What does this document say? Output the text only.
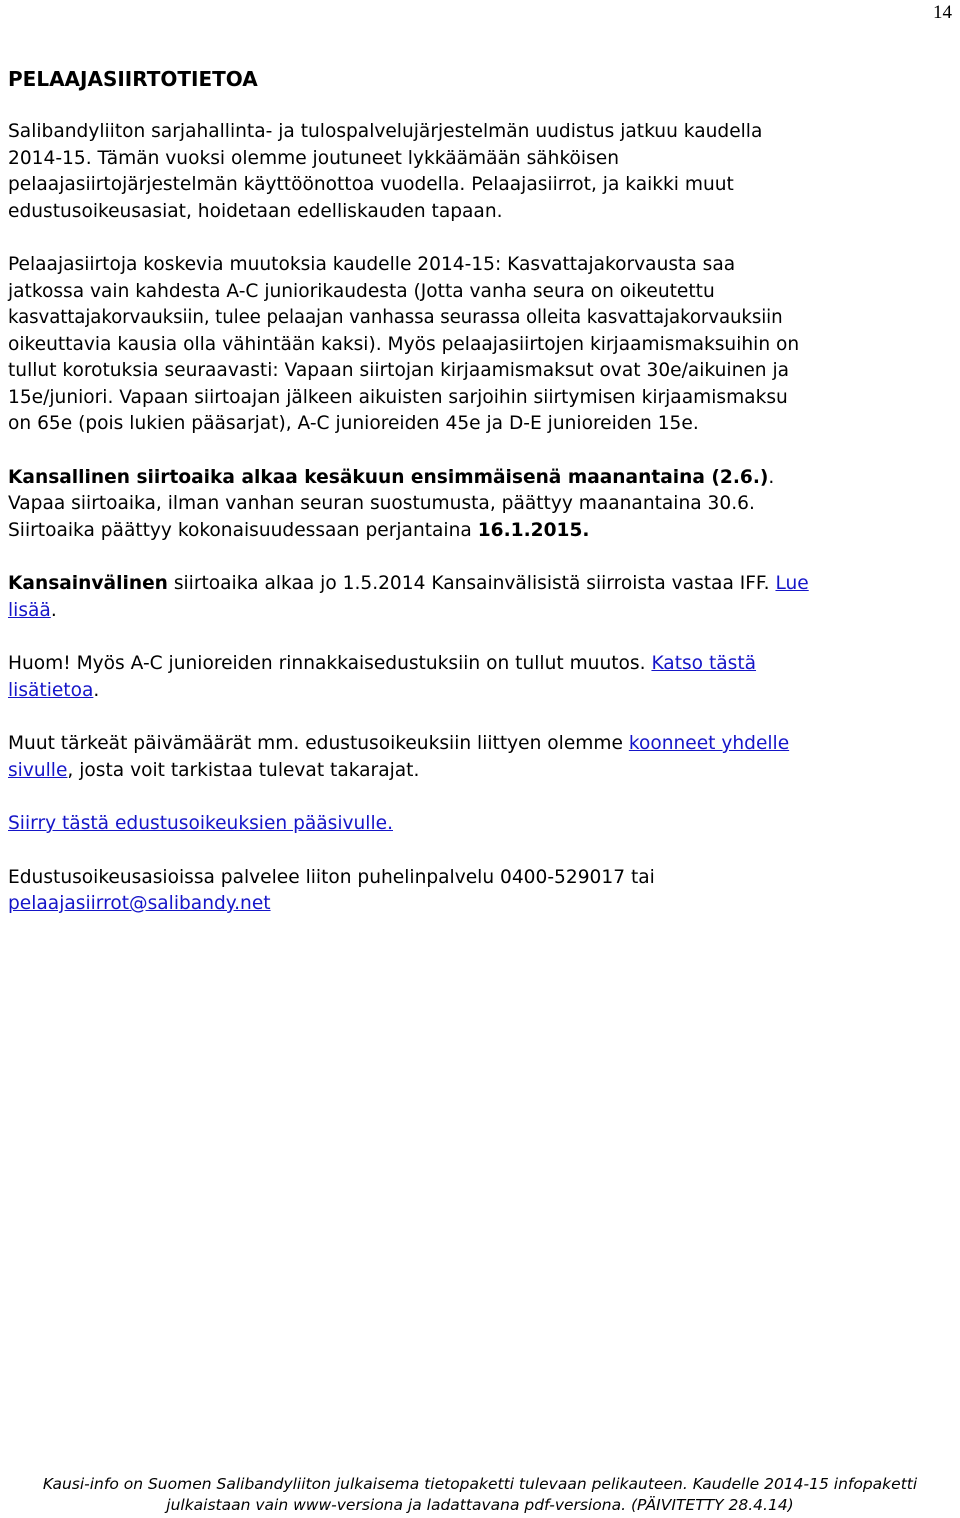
14
PELAAJASIIRTOTIETOA

Salibandyliiton sarjahallinta- ja tulospalvelujärjestelmän uudistus jatkuu kaudella
2014-15. Tämän vuoksi olemme joutuneet lykkäämään sähköisen
pelaajasiirtojärjestelmän käyttöönottoa vuodella. Pelaajasiirrot, ja kaikki muut
edustusoikeusasiat, hoidetaan edelliskauden tapaan.

Pelaajasiirtoja koskevia muutoksia kaudelle 2014-15: Kasvattajakorvausta saa
jatkossa vain kahdesta A-C juniorikaudesta (Jotta vanha seura on oikeutettu
kasvattajakorvauksiin, tulee pelaajan vanhassa seurassa olleita kasvattajakorvauksiin
oikeuttavia kausia olla vähintään kaksi). Myös pelaajasiirtojen kirjaamismaksuihin on
tullut korotuksia seuraavasti: Vapaan siirtojan kirjaamismaksut ovat 30e/aikuinen ja
15e/juniori. Vapaan siirtoajan jälkeen aikuisten sarjoihin siirtymisen kirjaamismaksu
on 65e (pois lukien pääsarjat), A-C junioreiden 45e ja D-E junioreiden 15e.

Kansallinen siirtoaika alkaa kesäkuun ensimmäisenä maanantaina (2.6.).
Vapaa siirtoaika, ilman vanhan seuran suostumusta, päättyy maanantaina 30.6.
Siirtoaika päättyy kokonaisuudessaan perjantaina 16.1.2015.

Kansainvälinen siirtoaika alkaa jo 1.5.2014 Kansainvälisistä siirroista vastaa IFF. Lue
lisää.

Huom! Myös A-C junioreiden rinnakkaisedustuksiin on tullut muutos. Katso tästä
lisätietoa.

Muut tärkeät päivämäärät mm. edustusoikeuksiin liittyen olemme koonneet yhdelle
sivulle, josta voit tarkistaa tulevat takarajat.

Siirry tästä edustusoikeuksien pääsivulle.

Edustusoikeusasioissa palvelee liiton puhelinpalvelu 0400-529017 tai
pelaajasiirrot@salibandy.net

Kausi-info on Suomen Salibandyliiton julkaisema tietopaketti tulevaan pelikauteen. Kaudelle 2014-15 infopaketti
julkaistaan vain www-versiona ja ladattavana pdf-versiona. (PÄIVITETTY 28.4.14)
